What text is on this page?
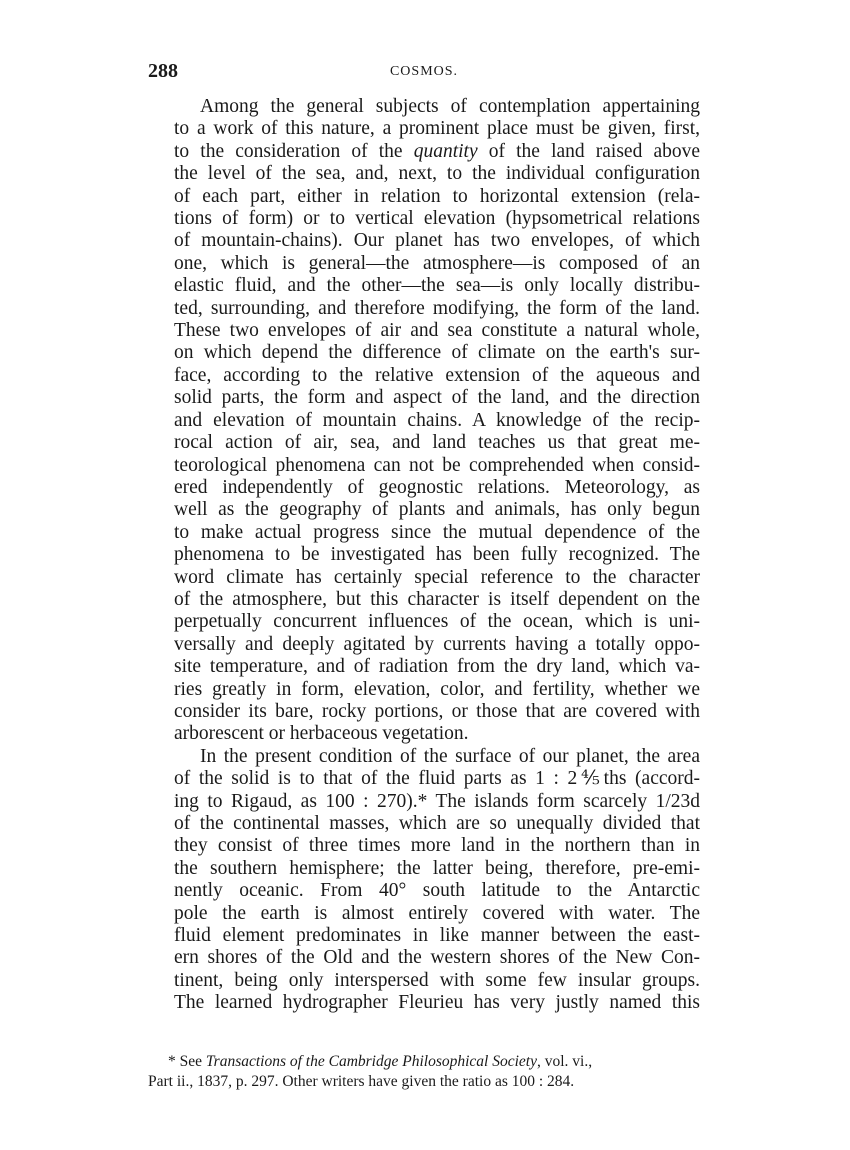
288	COSMOS.
Among the general subjects of contemplation appertaining
to a work of this nature, a prominent place must be given, first,
to the consideration of the quantity of the land raised above
the level of the sea, and, next, to the individual configuration
of each part, either in relation to horizontal extension (rela-
tions of form) or to vertical elevation (hypsometrical relations
of mountain-chains). Our planet has two envelopes, of which
one, which is general—the atmosphere—is composed of an
elastic fluid, and the other—the sea—is only locally distribu-
ted, surrounding, and therefore modifying, the form of the land.
These two envelopes of air and sea constitute a natural whole,
on which depend the difference of climate on the earth's sur-
face, according to the relative extension of the aqueous and
solid parts, the form and aspect of the land, and the direction
and elevation of mountain chains. A knowledge of the recip-
rocal action of air, sea, and land teaches us that great me-
teorological phenomena can not be comprehended when consid-
ered independently of geognostic relations. Meteorology, as
well as the geography of plants and animals, has only begun
to make actual progress since the mutual dependence of the
phenomena to be investigated has been fully recognized. The
word climate has certainly special reference to the character
of the atmosphere, but this character is itself dependent on the
perpetually concurrent influences of the ocean, which is uni-
versally and deeply agitated by currents having a totally oppo-
site temperature, and of radiation from the dry land, which va-
ries greatly in form, elevation, color, and fertility, whether we
consider its bare, rocky portions, or those that are covered with
arborescent or herbaceous vegetation.
In the present condition of the surface of our planet, the area
of the solid is to that of the fluid parts as 1 : 2⅘ths (accord-
ing to Rigaud, as 100 : 270).* The islands form scarcely 1/23d
of the continental masses, which are so unequally divided that
they consist of three times more land in the northern than in
the southern hemisphere; the latter being, therefore, pre-emi-
nently oceanic. From 40° south latitude to the Antarctic
pole the earth is almost entirely covered with water. The
fluid element predominates in like manner between the east-
ern shores of the Old and the western shores of the New Con-
tinent, being only interspersed with some few insular groups.
The learned hydrographer Fleurieu has very justly named this
* See Transactions of the Cambridge Philosophical Society, vol. vi.,
Part ii., 1837, p. 297. Other writers have given the ratio as 100 : 284.
